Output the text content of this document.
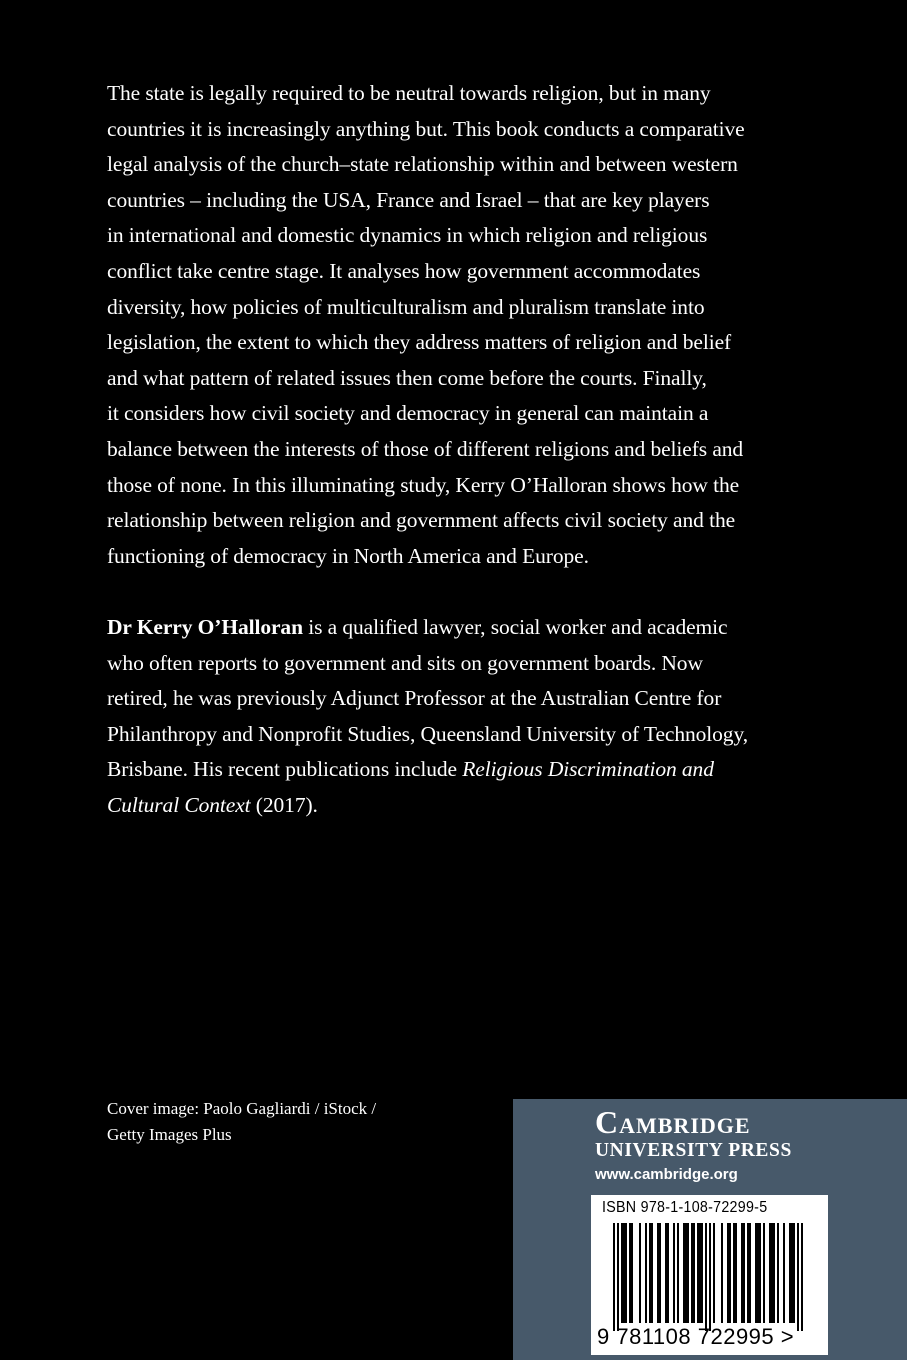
The state is legally required to be neutral towards religion, but in many
countries it is increasingly anything but. This book conducts a comparative
legal analysis of the church–state relationship within and between western
countries – including the USA, France and Israel – that are key players
in international and domestic dynamics in which religion and religious
conflict take centre stage. It analyses how government accommodates
diversity, how policies of multiculturalism and pluralism translate into
legislation, the extent to which they address matters of religion and belief
and what pattern of related issues then come before the courts. Finally,
it considers how civil society and democracy in general can maintain a
balance between the interests of those of different religions and beliefs and
those of none. In this illuminating study, Kerry O’Halloran shows how the
relationship between religion and government affects civil society and the
functioning of democracy in North America and Europe.

Dr Kerry O’Halloran is a qualified lawyer, social worker and academic
who often reports to government and sits on government boards. Now
retired, he was previously Adjunct Professor at the Australian Centre for
Philanthropy and Nonprofit Studies, Queensland University of Technology,
Brisbane. His recent publications include Religious Discrimination and
Cultural Context (2017).

Cover image: Paolo Gagliardi / iStock /
Getty Images Plus	Cambridge
UNIVERSITY PRESS
www.cambridge.org
ISBN 978-1-108-72299-5
9 781108 722995 >
